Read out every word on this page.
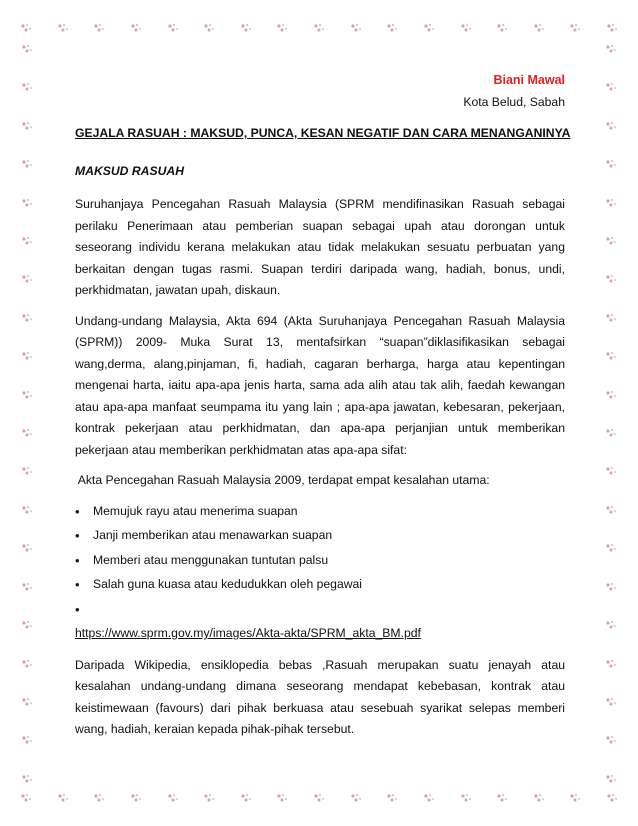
Biani Mawal
Kota Belud, Sabah
GEJALA RASUAH : MAKSUD, PUNCA, KESAN NEGATIF DAN CARA MENANGANINYA
MAKSUD RASUAH

Suruhanjaya Pencegahan Rasuah Malaysia (SPRM mendifinasikan Rasuah sebagai perilaku Penerimaan atau pemberian suapan sebagai upah atau dorongan untuk seseorang individu kerana melakukan atau tidak melakukan sesuatu perbuatan yang berkaitan dengan tugas rasmi. Suapan terdiri daripada wang, hadiah, bonus, undi, perkhidmatan, jawatan upah, diskaun.

Undang-undang Malaysia, Akta 694 (Akta Suruhanjaya Pencegahan Rasuah Malaysia (SPRM)) 2009- Muka Surat 13, mentafsirkan “suapan”diklasifikasikan sebagai wang,derma, alang,pinjaman, fi, hadiah, cagaran berharga, harga atau kepentingan mengenai harta, iaitu apa-apa jenis harta, sama ada alih atau tak alih, faedah kewangan atau apa-apa manfaat seumpama itu yang lain ; apa-apa jawatan, kebesaran, pekerjaan, kontrak pekerjaan atau perkhidmatan, dan apa-apa perjanjian untuk memberikan pekerjaan atau memberikan perkhidmatan atas apa-apa sifat:

Akta Pencegahan Rasuah Malaysia 2009, terdapat empat kesalahan utama:

•	Memujuk rayu atau menerima suapan
•	Janji memberikan atau menawarkan suapan
•	Memberi atau menggunakan tuntutan palsu
•	Salah guna kuasa atau kedudukkan oleh pegawai
•
https://www.sprm.gov.my/images/Akta-akta/SPRM_akta_BM.pdf

Daripada Wikipedia, ensiklopedia bebas ,Rasuah merupakan suatu jenayah atau kesalahan undang-undang dimana seseorang mendapat kebebasan, kontrak atau keistimewaan (favours) dari pihak berkuasa atau sesebuah syarikat selepas memberi wang, hadiah, keraian kepada pihak-pihak tersebut.
